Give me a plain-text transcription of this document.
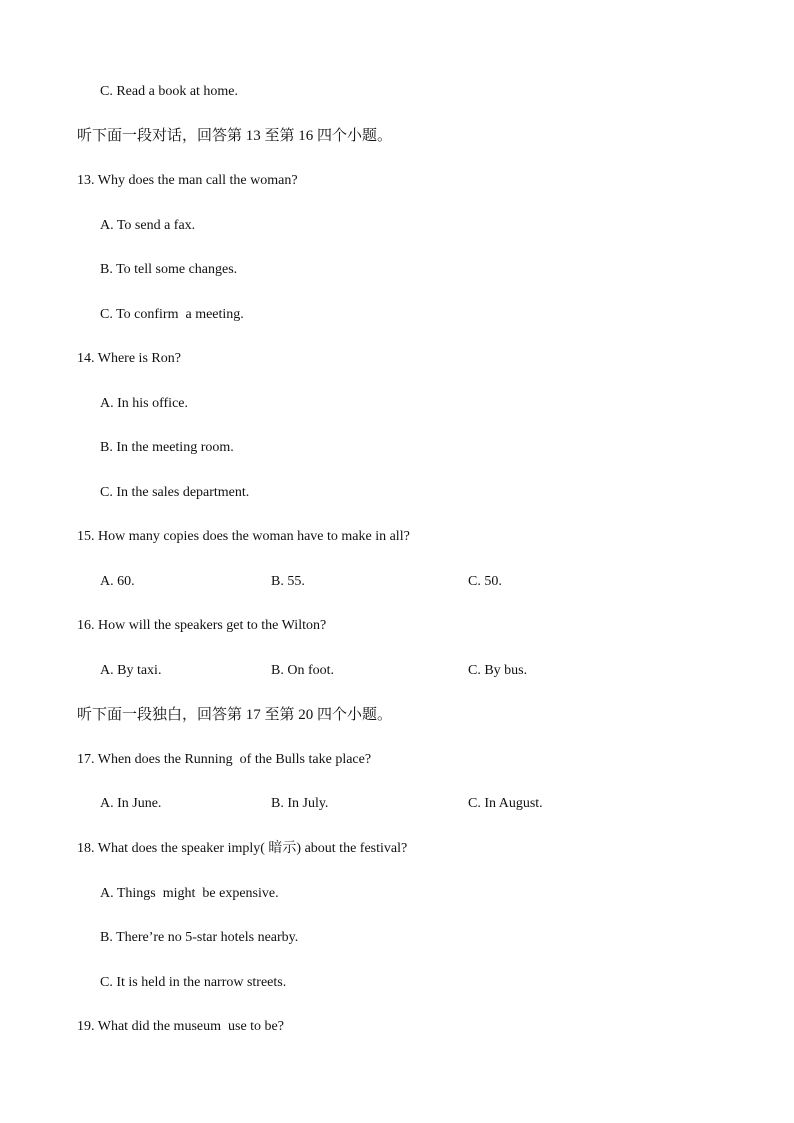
C. Read a book at home.
听下面一段对话，回答第 13 至第 16 四个小题。
13. Why does the man call the woman?
A. To send a fax.
B. To tell some changes.
C. To confirm  a meeting.
14. Where is Ron?
A. In his office.
B. In the meeting room.
C. In the sales department.
15. How many copies does the woman have to make in all?
A. 60.	B. 55.	C. 50.
16. How will the speakers get to the Wilton?
A. By taxi.	B. On foot.	C. By bus.
听下面一段独白，回答第 17 至第 20 四个小题。
17. When does the Running  of the Bulls take place?
A. In June.	B. In July.	C. In August.
18. What does the speaker imply( 暗示) about the festival?
A. Things  might  be expensive.
B. There’re no 5-star hotels nearby.
C. It is held in the narrow streets.
19. What did the museum  use to be?
